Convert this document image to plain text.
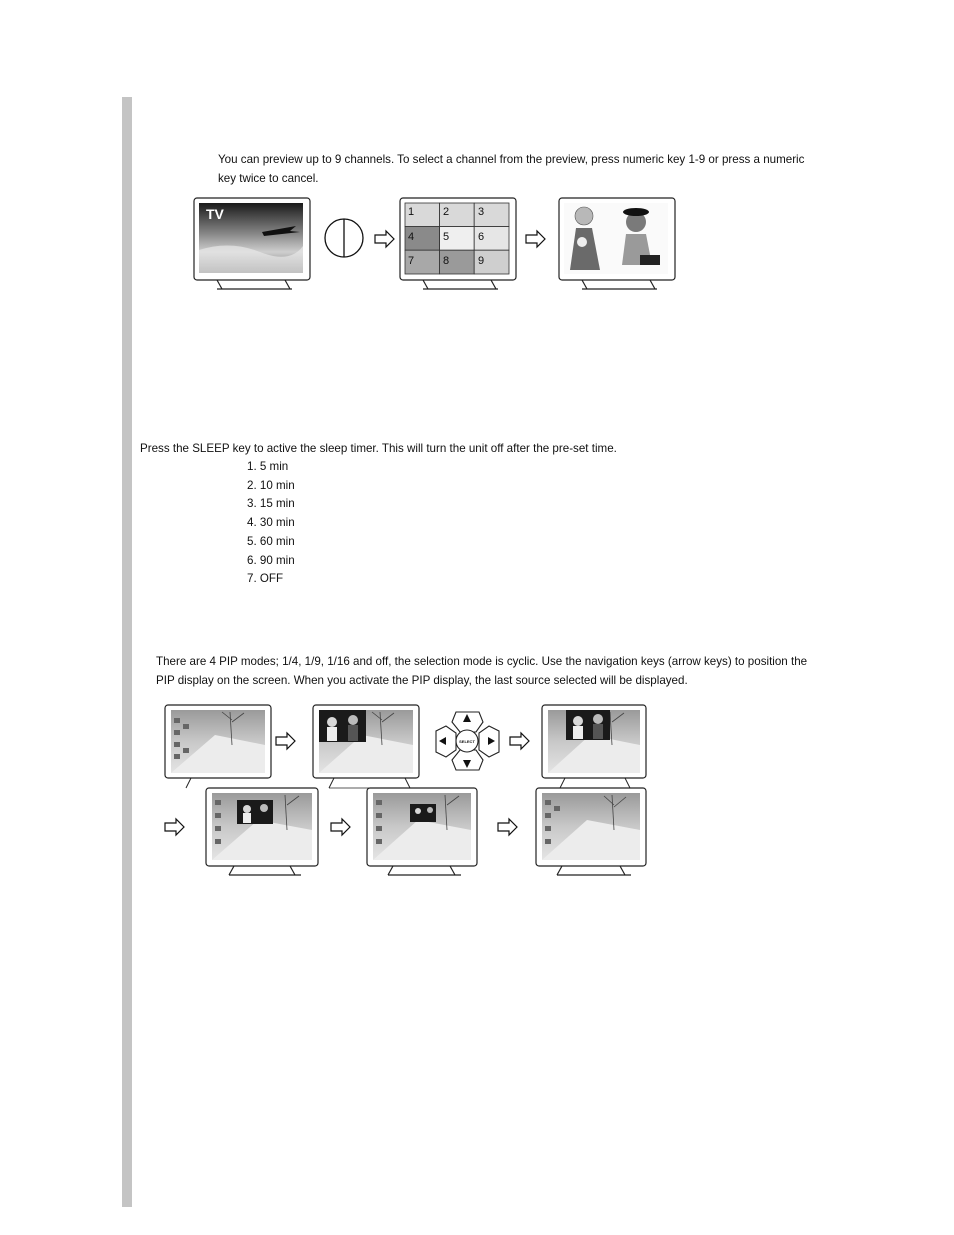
You can preview up to 9 channels. To select a channel from the preview, press numeric key 1-9 or press a numeric key twice to cancel.

Press the SLEEP key to active the sleep timer. This will turn the unit off after the pre-set time.

1. 5 min
2. 10 min
3. 15 min
4. 30 min
5. 60 min
6. 90 min
7. OFF

There are 4 PIP modes; 1/4, 1/9, 1/16 and off, the selection mode is cyclic. Use the navigation keys (arrow keys) to position the PIP display on the screen. When you activate the PIP display, the last source selected will be displayed.

TV	1	2	3
4	5	6
7	8	9
SELECT
